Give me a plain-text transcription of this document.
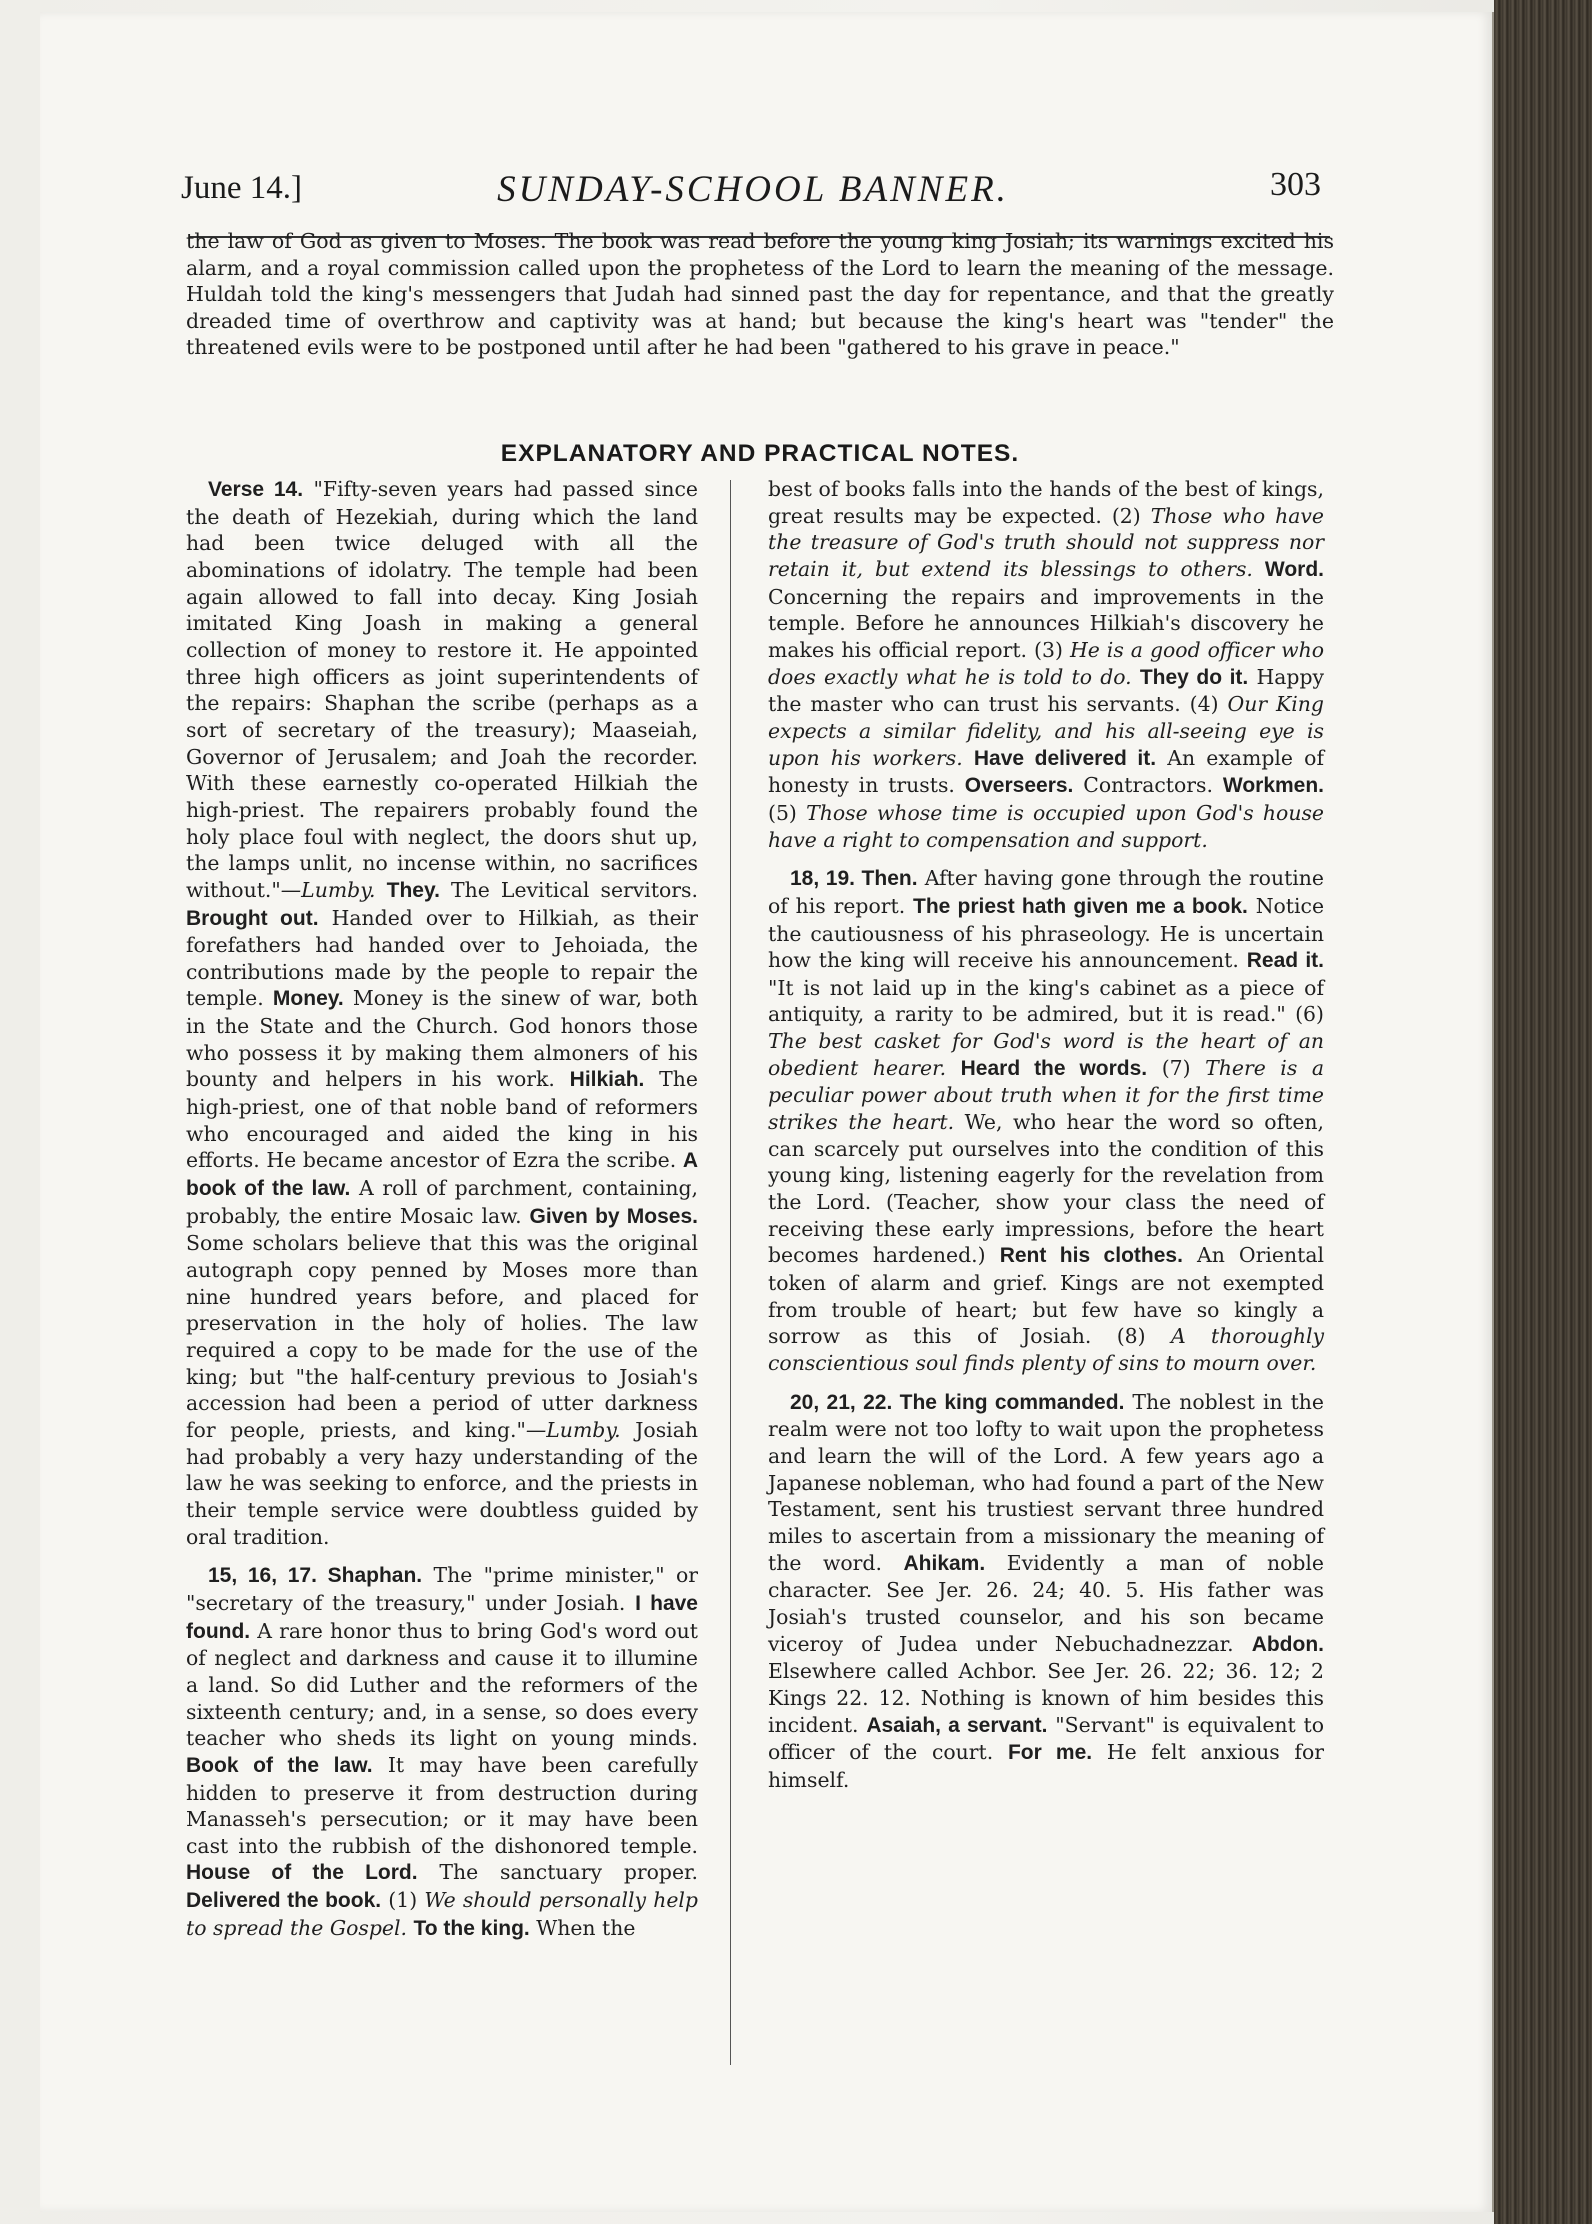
June 14.]	SUNDAY-SCHOOL BANNER.	303
the law of God as given to Moses. The book was read before the young king Josiah; its warnings excited his alarm, and a royal commission called upon the prophetess of the Lord to learn the meaning of the message. Huldah told the king's messengers that Judah had sinned past the day for repentance, and that the greatly dreaded time of overthrow and captivity was at hand; but because the king's heart was "tender" the threatened evils were to be postponed until after he had been "gathered to his grave in peace."
EXPLANATORY AND PRACTICAL NOTES.

Verse 14. "Fifty-seven years had passed since the death of Hezekiah, during which the land had been twice deluged with all the abominations of idolatry. The temple had been again allowed to fall into decay. King Josiah imitated King Joash in making a general collection of money to restore it. He appointed three high officers as joint superintendents of the repairs: Shaphan the scribe (perhaps as a sort of secretary of the treasury); Maaseiah, Governor of Jerusalem; and Joah the recorder. With these earnestly co-operated Hilkiah the high-priest. The repairers probably found the holy place foul with neglect, the doors shut up, the lamps unlit, no incense within, no sacrifices without."—Lumby. They. The Levitical servitors. Brought out. Handed over to Hilkiah, as their forefathers had handed over to Jehoiada, the contributions made by the people to repair the temple. Money. Money is the sinew of war, both in the State and the Church. God honors those who possess it by making them almoners of his bounty and helpers in his work. Hilkiah. The high-priest, one of that noble band of reformers who encouraged and aided the king in his efforts. He became ancestor of Ezra the scribe. A book of the law. A roll of parchment, containing, probably, the entire Mosaic law. Given by Moses. Some scholars believe that this was the original autograph copy penned by Moses more than nine hundred years before, and placed for preservation in the holy of holies. The law required a copy to be made for the use of the king; but "the half-century previous to Josiah's accession had been a period of utter darkness for people, priests, and king."—Lumby. Josiah had probably a very hazy understanding of the law he was seeking to enforce, and the priests in their temple service were doubtless guided by oral tradition.

15, 16, 17. Shaphan. The "prime minister," or "secretary of the treasury," under Josiah. I have found. A rare honor thus to bring God's word out of neglect and darkness and cause it to illumine a land. So did Luther and the reformers of the sixteenth century; and, in a sense, so does every teacher who sheds its light on young minds. Book of the law. It may have been carefully hidden to preserve it from destruction during Manasseh's persecution; or it may have been cast into the rubbish of the dishonored temple. House of the Lord. The sanctuary proper. Delivered the book. (1) We should personally help to spread the Gospel. To the king. When the

best of books falls into the hands of the best of kings, great results may be expected. (2) Those who have the treasure of God's truth should not suppress nor retain it, but extend its blessings to others. Word. Concerning the repairs and improvements in the temple. Before he announces Hilkiah's discovery he makes his official report. (3) He is a good officer who does exactly what he is told to do. They do it. Happy the master who can trust his servants. (4) Our King expects a similar fidelity, and his all-seeing eye is upon his workers. Have delivered it. An example of honesty in trusts. Overseers. Contractors. Workmen. (5) Those whose time is occupied upon God's house have a right to compensation and support.

18, 19. Then. After having gone through the routine of his report. The priest hath given me a book. Notice the cautiousness of his phraseology. He is uncertain how the king will receive his announcement. Read it. "It is not laid up in the king's cabinet as a piece of antiquity, a rarity to be admired, but it is read." (6) The best casket for God's word is the heart of an obedient hearer. Heard the words. (7) There is a peculiar power about truth when it for the first time strikes the heart. We, who hear the word so often, can scarcely put ourselves into the condition of this young king, listening eagerly for the revelation from the Lord. (Teacher, show your class the need of receiving these early impressions, before the heart becomes hardened.) Rent his clothes. An Oriental token of alarm and grief. Kings are not exempted from trouble of heart; but few have so kingly a sorrow as this of Josiah. (8) A thoroughly conscientious soul finds plenty of sins to mourn over.

20, 21, 22. The king commanded. The noblest in the realm were not too lofty to wait upon the prophetess and learn the will of the Lord. A few years ago a Japanese nobleman, who had found a part of the New Testament, sent his trustiest servant three hundred miles to ascertain from a missionary the meaning of the word. Ahikam. Evidently a man of noble character. See Jer. 26. 24; 40. 5. His father was Josiah's trusted counselor, and his son became viceroy of Judea under Nebuchadnezzar. Abdon. Elsewhere called Achbor. See Jer. 26. 22; 36. 12; 2 Kings 22. 12. Nothing is known of him besides this incident. Asaiah, a servant. "Servant" is equivalent to officer of the court. For me. He felt anxious for himself.
